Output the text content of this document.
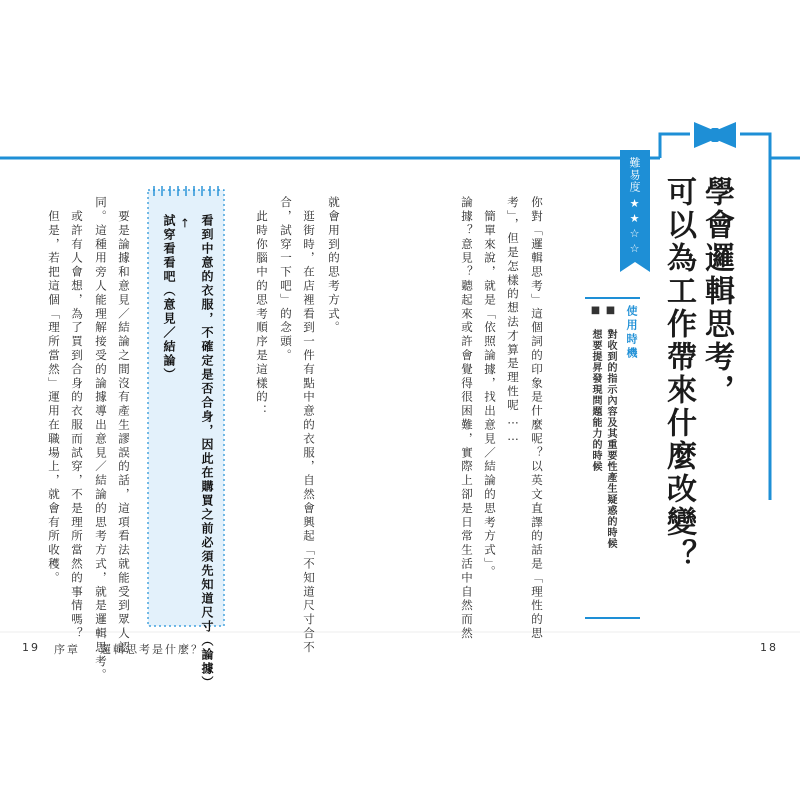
學會邏輯思考，
可以為工作帶來什麼改變？
難易度
★★☆☆
使用時機
■ 對收到的指示內容及其重要性產生疑惑的時候
■ 想要提昇發現問題能力的時候
你對「邏輯思考」這個詞的印象是什麼呢？以英文直譯的話是「理性的思
考」，但是怎樣的想法才算是理性呢……
　簡單來說，就是「依照論據，找出意見／結論的思考方式」。
論據？意見？聽起來或許會覺得很困難，實際上卻是日常生活中自然而然
就會用到的思考方式。
　逛街時，在店裡看到一件有點中意的衣服，自然會興起「不知道尺寸合不
合，試穿一下吧」的念頭。
　此時你腦中的思考順序是這樣的：
看到中意的衣服，不確定是否合身，因此在購買之前必須先知道尺寸（論據）
←
試穿看看吧（意見／結論）
　要是論據和意見／結論之間沒有產生謬誤的話，這項看法就能受到眾人認
同。這種用旁人能理解接受的論據導出意見／結論的思考方式，就是邏輯思考。
　或許有人會想，為了買到合身的衣服而試穿，不是理所當然的事情嗎？
　但是，若把這個「理所當然」運用在職場上，就會有所收穫。
19 序章 邏輯思考是什麼？	18
